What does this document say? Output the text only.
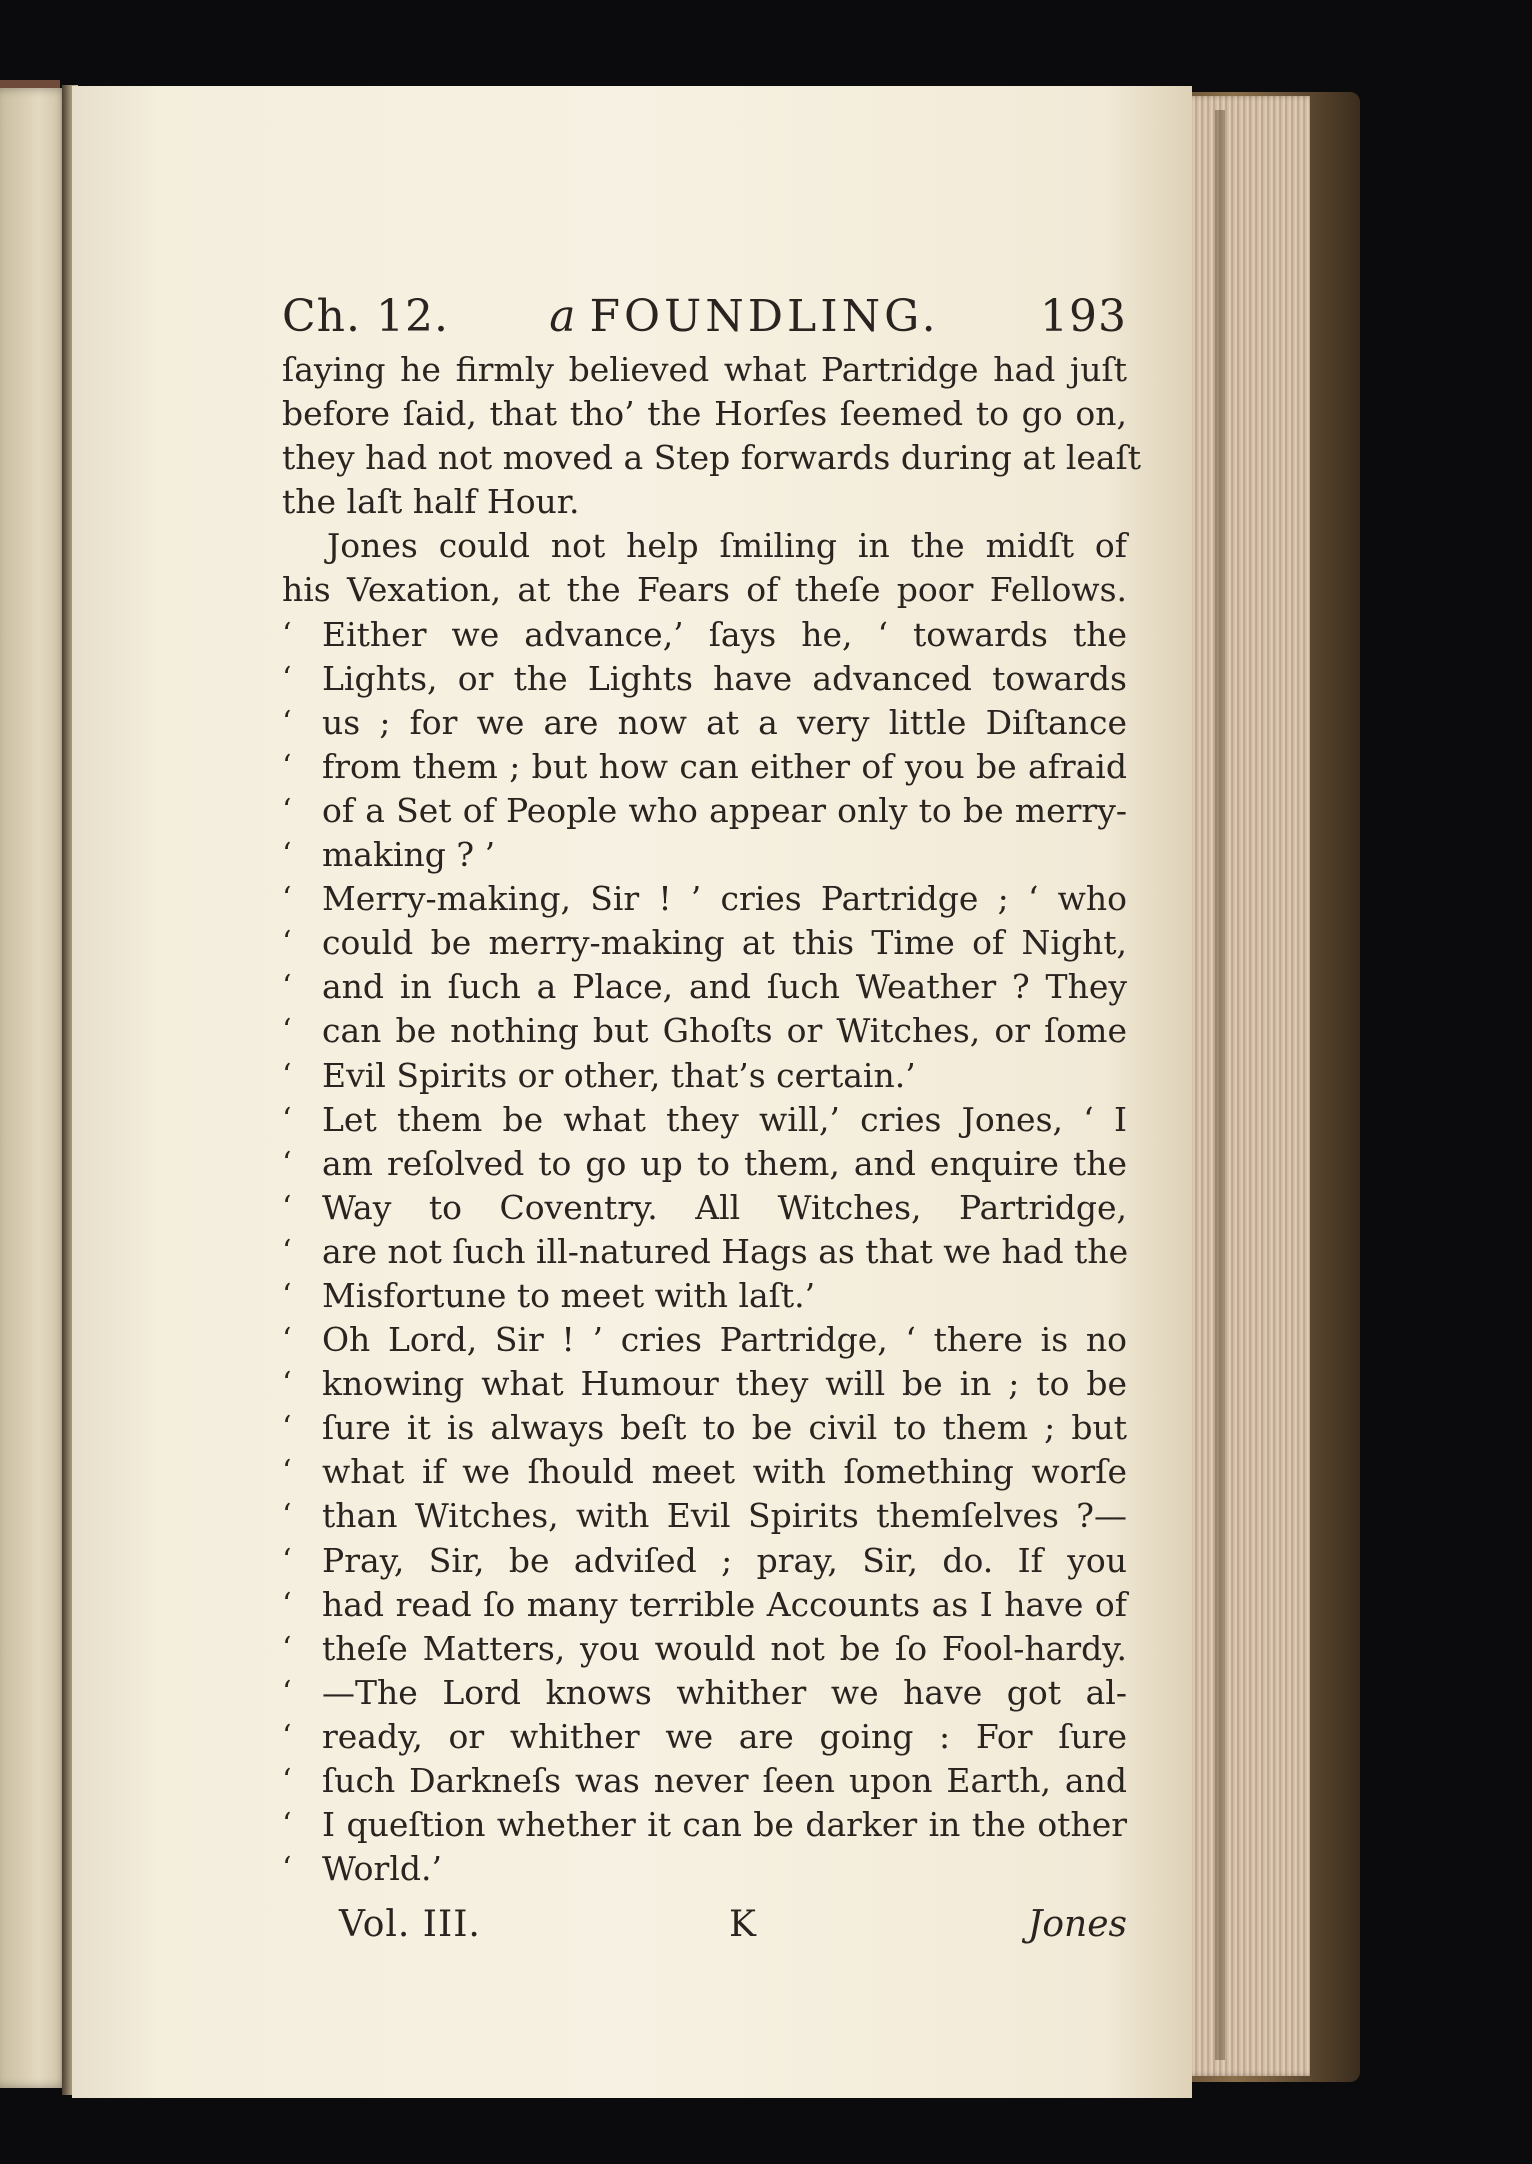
Ch. 12. a FOUNDLING. 193
ſaying he firmly believed what Partridge had juſt
before ſaid, that tho’ the Horſes ſeemed to go on,
they had not moved a Step forwards during at leaſt
the laſt half Hour.
Jones could not help ſmiling in the midſt of
his Vexation, at the Fears of theſe poor Fellows.
‘ Either we advance,’ ſays he, ‘ towards the
‘ Lights, or the Lights have advanced towards
‘ us ; for we are now at a very little Diſtance
‘ from them ; but how can either of you be afraid
‘ of a Set of People who appear only to be merry-
‘ making ? ’
‘ Merry-making, Sir ! ’ cries Partridge ; ‘ who
‘ could be merry-making at this Time of Night,
‘ and in ſuch a Place, and ſuch Weather ? They
‘ can be nothing but Ghoſts or Witches, or ſome
‘ Evil Spirits or other, that’s certain.’
‘ Let them be what they will,’ cries Jones, ‘ I
‘ am reſolved to go up to them, and enquire the
‘ Way to Coventry. All Witches, Partridge,
‘ are not ſuch ill-natured Hags as that we had the
‘ Misfortune to meet with laſt.’
‘ Oh Lord, Sir ! ’ cries Partridge, ‘ there is no
‘ knowing what Humour they will be in ; to be
‘ ſure it is always beſt to be civil to them ; but
‘ what if we ſhould meet with ſomething worſe
‘ than Witches, with Evil Spirits themſelves ?—
‘ Pray, Sir, be adviſed ; pray, Sir, do. If you
‘ had read ſo many terrible Accounts as I have of
‘ theſe Matters, you would not be ſo Fool-hardy.
‘ —The Lord knows whither we have got al-
‘ ready, or whither we are going : For ſure
‘ ſuch Darkneſs was never ſeen upon Earth, and
‘ I queſtion whether it can be darker in the other
‘ World.’
Vol. III.	K	Jones
